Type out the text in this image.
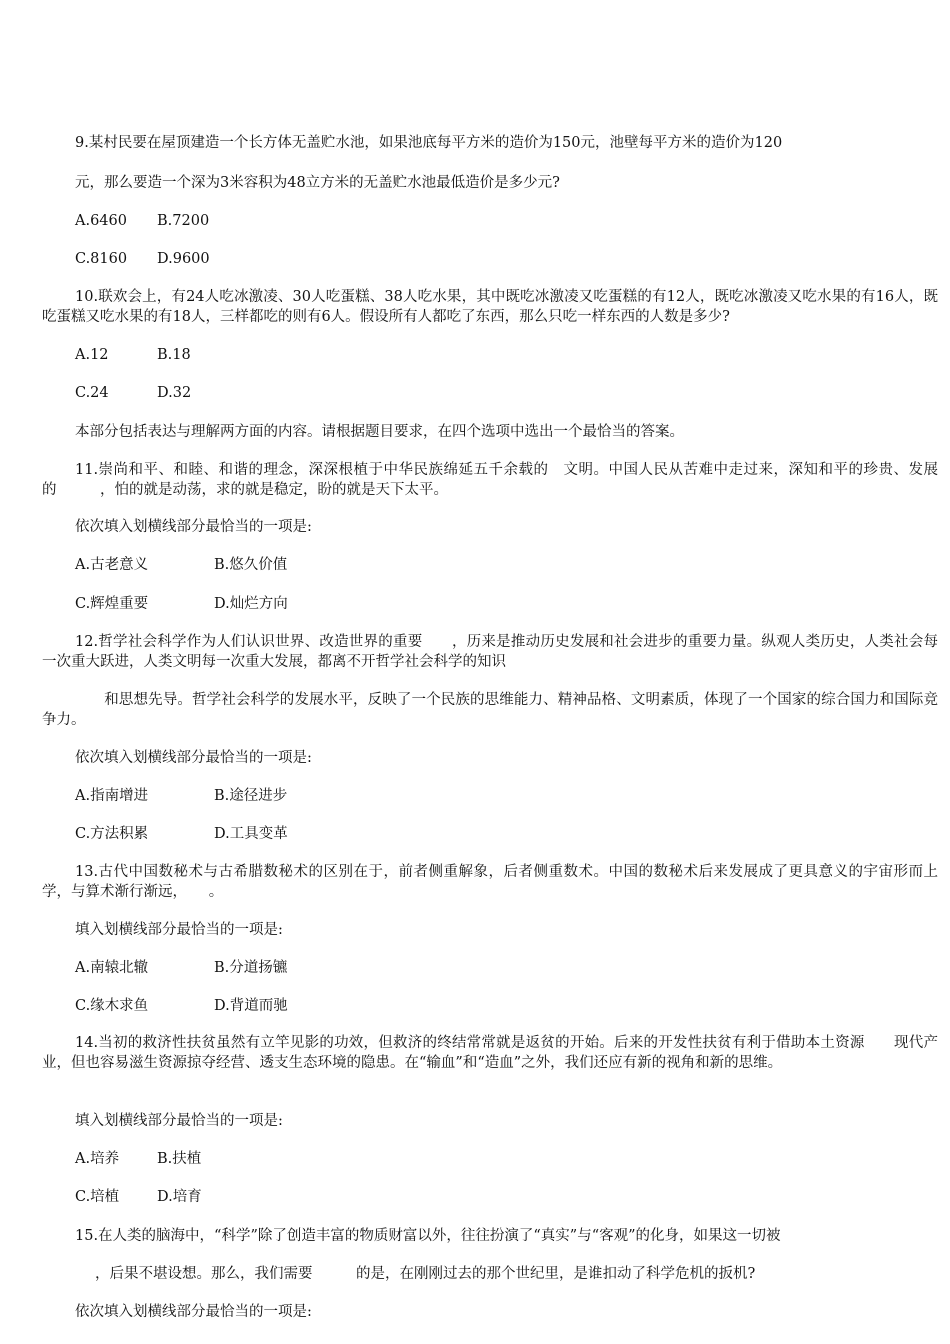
9.某村民要在屋顶建造一个长方体无盖贮水池，如果池底每平方米的造价为150元，池壁每平方米的造价为120
元，那么要造一个深为3米容积为48立方米的无盖贮水池最低造价是多少元?
A.6460 B.7200
C.8160 D.9600
10.联欢会上，有24人吃冰激凌、30人吃蛋糕、38人吃水果，其中既吃冰激凌又吃蛋糕的有12人，既吃冰激凌又吃水果的有16人，既吃蛋糕又吃水果的有18人，三样都吃的则有6人。假设所有人都吃了东西，那么只吃一样东西的人数是多少?
A.12	B.18
C.24	D.32
本部分包括表达与理解两方面的内容。请根据题目要求，在四个选项中选出一个最恰当的答案。
11.崇尚和平、和睦、和谐的理念，深深根植于中华民族绵延五千余载的　文明。中国人民从苦难中走过来，深知和平的珍贵、发展的　　　，怕的就是动荡，求的就是稳定，盼的就是天下太平。
依次填入划横线部分最恰当的一项是:
A.古老意义	B.悠久价值
C.辉煌重要	D.灿烂方向
12.哲学社会科学作为人们认识世界、改造世界的重要　　，历来是推动历史发展和社会进步的重要力量。纵观人类历史，人类社会每一次重大跃进，人类文明每一次重大发展，都离不开哲学社会科学的知识
　　和思想先导。哲学社会科学的发展水平，反映了一个民族的思维能力、精神品格、文明素质，体现了一个国家的综合国力和国际竞争力。
依次填入划横线部分最恰当的一项是:
A.指南增进	B.途径进步
C.方法积累	D.工具变革
13.古代中国数秘术与古希腊数秘术的区别在于，前者侧重解象，后者侧重数术。中国的数秘术后来发展成了更具意义的宇宙形而上学，与算术渐行渐远，　　。
填入划横线部分最恰当的一项是:
A.南辕北辙	B.分道扬镳
C.缘木求鱼	D.背道而驰
14.当初的救济性扶贫虽然有立竿见影的功效，但救济的终结常常就是返贫的开始。后来的开发性扶贫有利于借助本土资源　　现代产业，但也容易滋生资源掠夺经营、透支生态环境的隐患。在“输血”和“造血”之外，我们还应有新的视角和新的思维。
填入划横线部分最恰当的一项是:
A.培养	B.扶植
C.培植	D.培育
15.在人类的脑海中，“科学”除了创造丰富的物质财富以外，往往扮演了“真实”与“客观”的化身，如果这一切被
，后果不堪设想。那么，我们需要　　　的是，在刚刚过去的那个世纪里，是谁扣动了科学危机的扳机?
依次填入划横线部分最恰当的一项是:
